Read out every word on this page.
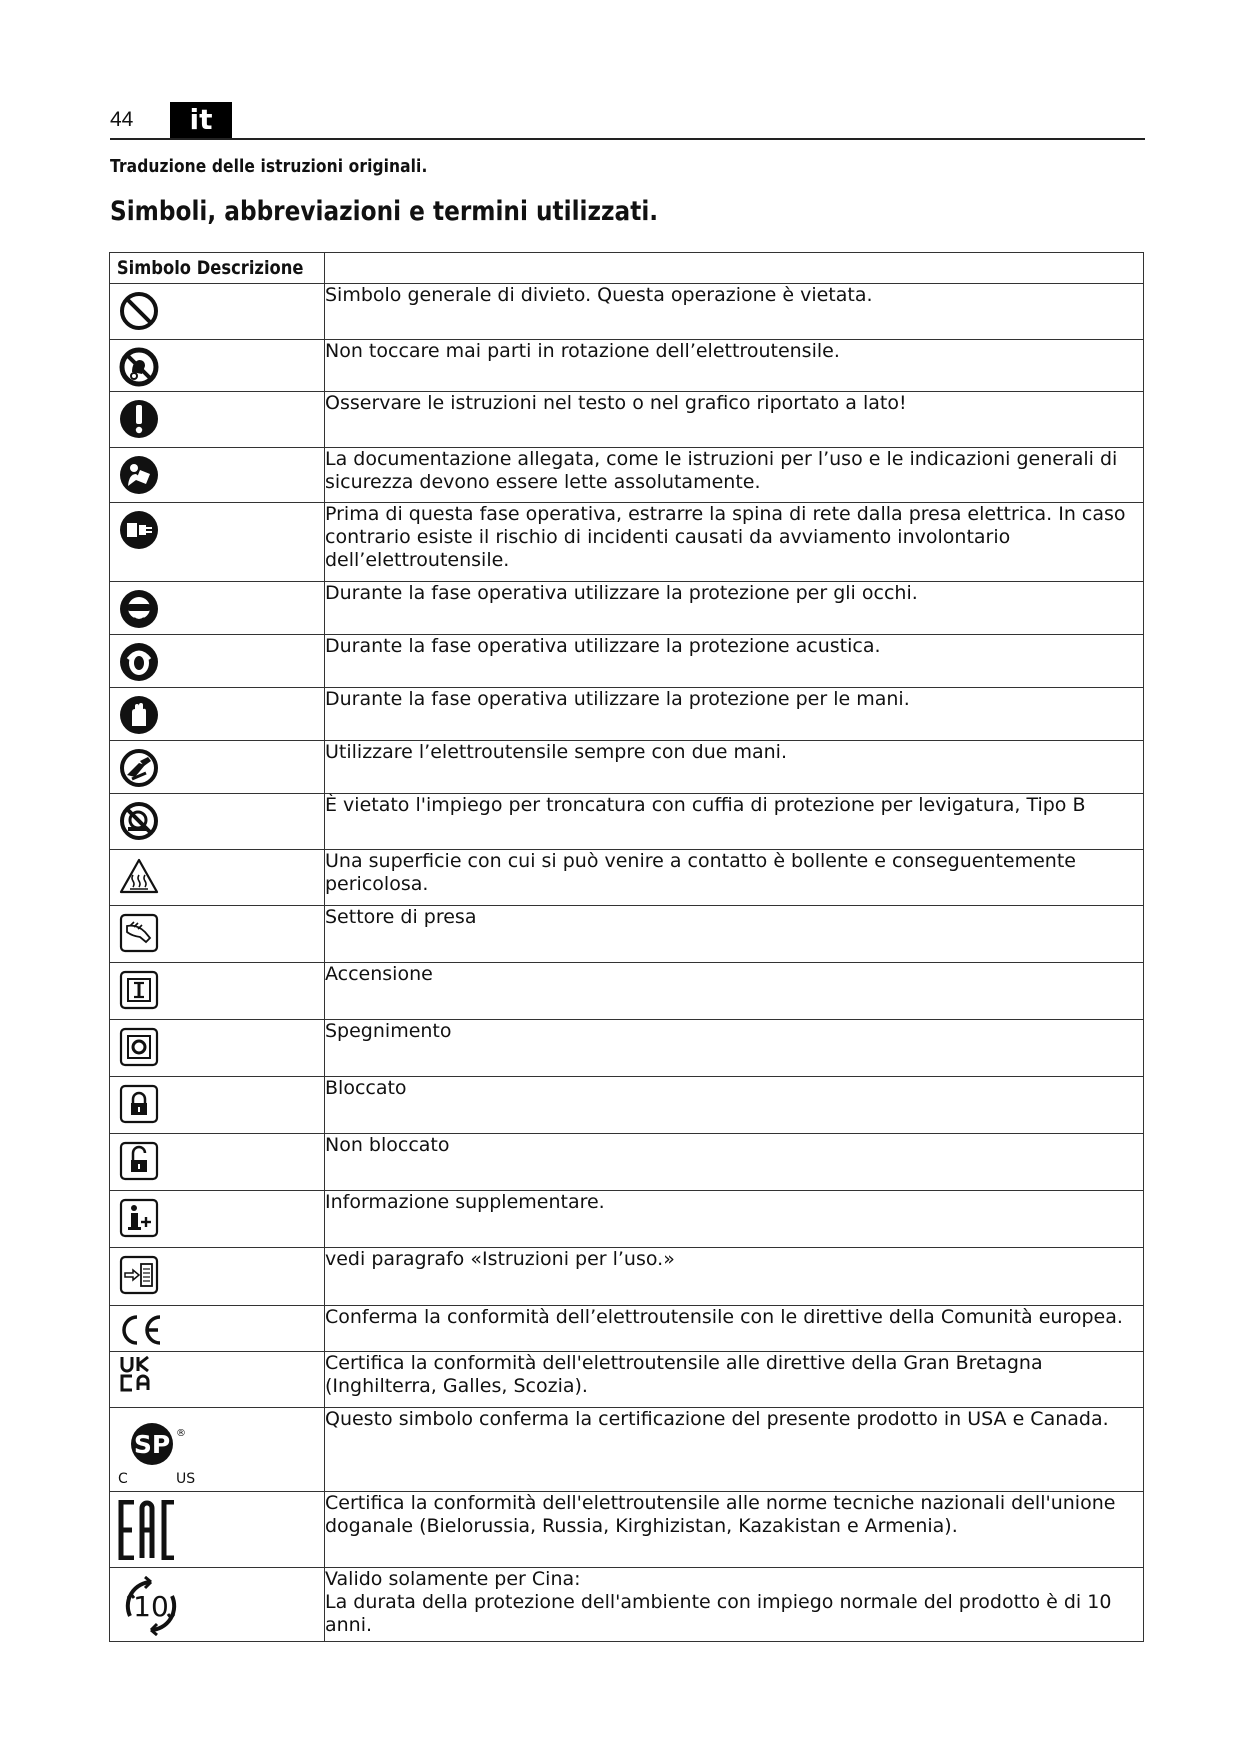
44	it
Traduzione delle istruzioni originali.
Simboli, abbreviazioni e termini utilizzati.
Simbolo Descrizione	

	Simbolo generale di divieto. Questa operazione è vietata.

	Non toccare mai parti in rotazione dell’elettroutensile.

	Osservare le istruzioni nel testo o nel grafico riportato a lato!

	La documentazione allegata, come le istruzioni per l’uso e le indicazioni generali di sicurezza devono essere lette assolutamente.

	Prima di questa fase operativa, estrarre la spina di rete dalla presa elettrica. In caso contrario esiste il rischio di incidenti causati da avviamento involontario dell’elettroutensile.

	Durante la fase operativa utilizzare la protezione per gli occhi.

	Durante la fase operativa utilizzare la protezione acustica.

	Durante la fase operativa utilizzare la protezione per le mani.

	Utilizzare l’elettroutensile sempre con due mani.

	È vietato l'impiego per troncatura con cuffia di protezione per levigatura, Tipo B

	Una superficie con cui si può venire a contatto è bollente e conseguentemente pericolosa.

	Settore di presa

	Accensione

	Spegnimento

	Bloccato

	Non bloccato

	Informazione supplementare.

	vedi paragrafo «Istruzioni per l’uso.»

	Conferma la conformità dell’elettroutensile con le direttive della Comunità europea.

	Certifica la conformità dell'elettroutensile alle direttive della Gran Bretagna (Inghilterra, Galles, Scozia).

SP ®
C US	Questo simbolo conferma la certificazione del presente prodotto in USA e Canada.

	Certifica la conformità dell'elettroutensile alle norme tecniche nazionali dell'unione doganale (Bielorussia, Russia, Kirghizistan, Kazakistan e Armenia).

10	Valido solamente per Cina:
La durata della protezione dell'ambiente con impiego normale del prodotto è di 10 anni.
